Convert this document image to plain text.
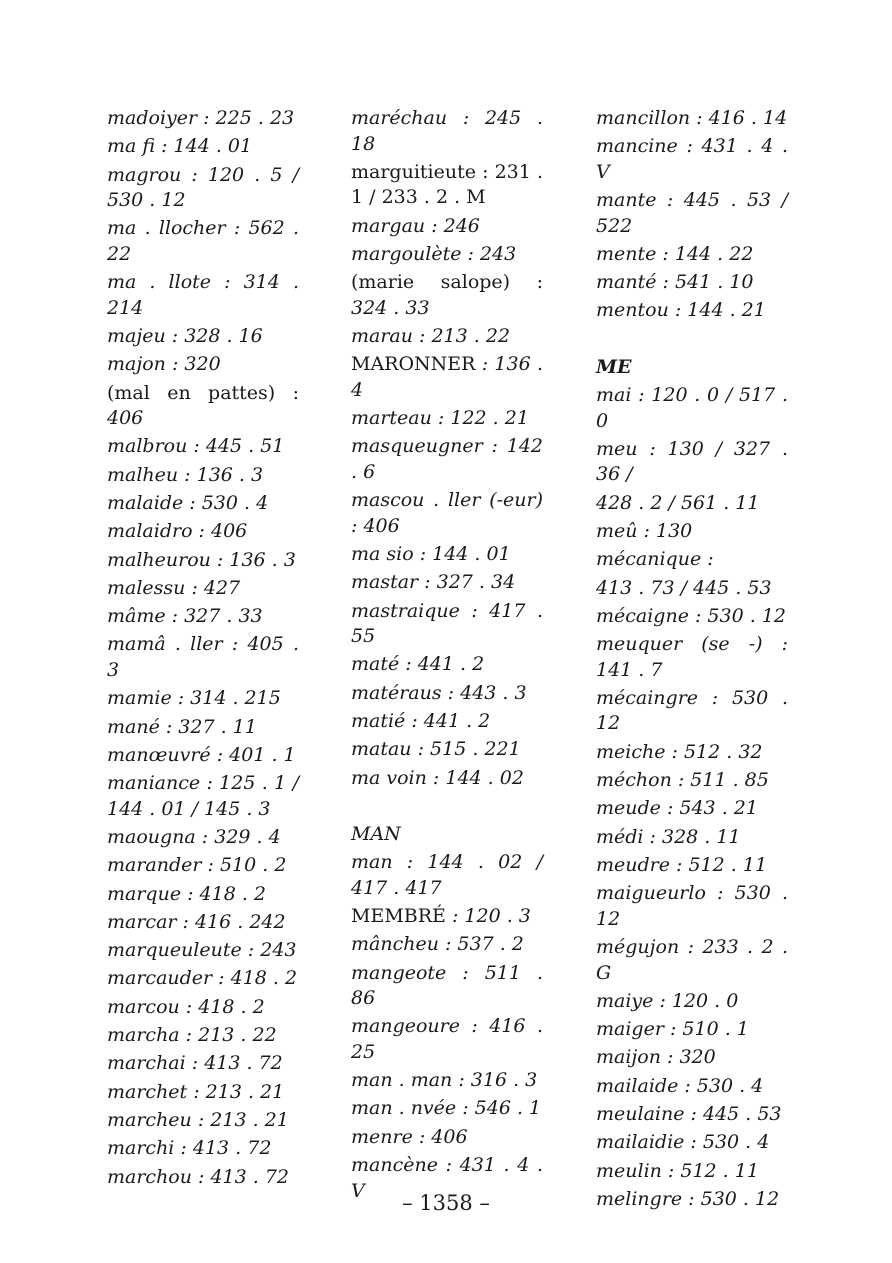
madoiyer : 225 . 23
ma fi : 144 . 01
magrou : 120 . 5 / 530 . 12
ma . llocher : 562 . 22
ma . llote : 314 . 214
majeu : 328 . 16
majon : 320
(mal en pattes) : 406
malbrou : 445 . 51
malheu : 136 . 3
malaide : 530 . 4
malaidro : 406
malheurou : 136 . 3
malessu : 427
mâme : 327 . 33
mamâ . ller : 405 . 3
mamie : 314 . 215
mané : 327 . 11
manœuvré : 401 . 1
maniance : 125 . 1 / 144 . 01 / 145 . 3
maougna : 329 . 4
marander : 510 . 2
marque : 418 . 2
marcar : 416 . 242
marqueuleute : 243
marcauder : 418 . 2
marcou : 418 . 2
marcha : 213 . 22
marchai : 413 . 72
marchet : 213 . 21
marcheu : 213 . 21
marchi : 413 . 72
marchou : 413 . 72
maréchau : 245 . 18
marguitieute : 231 . 1 / 233 . 2 . M
margau : 246
margoulète : 243
(marie salope) : 324 . 33
marau : 213 . 22
MARONNER : 136 . 4
marteau : 122 . 21
masqueugner : 142 . 6
mascou . ller (-eur) : 406
ma sio : 144 . 01
mastar : 327 . 34
mastraique : 417 . 55
maté : 441 . 2
matéraus : 443 . 3
matié : 441 . 2
matau : 515 . 221
ma voin : 144 . 02
MAN
man : 144 . 02 / 417 . 417
MEMBRÉ : 120 . 3
mâncheu : 537 . 2
mangeote : 511 . 86
mangeoure : 416 . 25
man . man : 316 . 3
man . nvée : 546 . 1
menre : 406
mancène : 431 . 4 . V
mancillon : 416 . 14
mancine : 431 . 4 . V
mante : 445 . 53 / 522
mente : 144 . 22
manté : 541 . 10
mentou : 144 . 21
ME
mai : 120 . 0 / 517 . 0
meu : 130 / 327 . 36 /
428 . 2 / 561 . 11
meû : 130
mécanique :
413 . 73 / 445 . 53
mécaigne : 530 . 12
meuquer (se -) : 141 . 7
mécaingre : 530 . 12
meiche : 512 . 32
méchon : 511 . 85
meude : 543 . 21
médi : 328 . 11
meudre : 512 . 11
maigueurlo : 530 . 12
mégujon : 233 . 2 . G
maiye : 120 . 0
maiger : 510 . 1
maijon : 320
mailaide : 530 . 4
meulaine : 445 . 53
mailaidie : 530 . 4
meulin : 512 . 11
melingre : 530 . 12
– 1358 –
